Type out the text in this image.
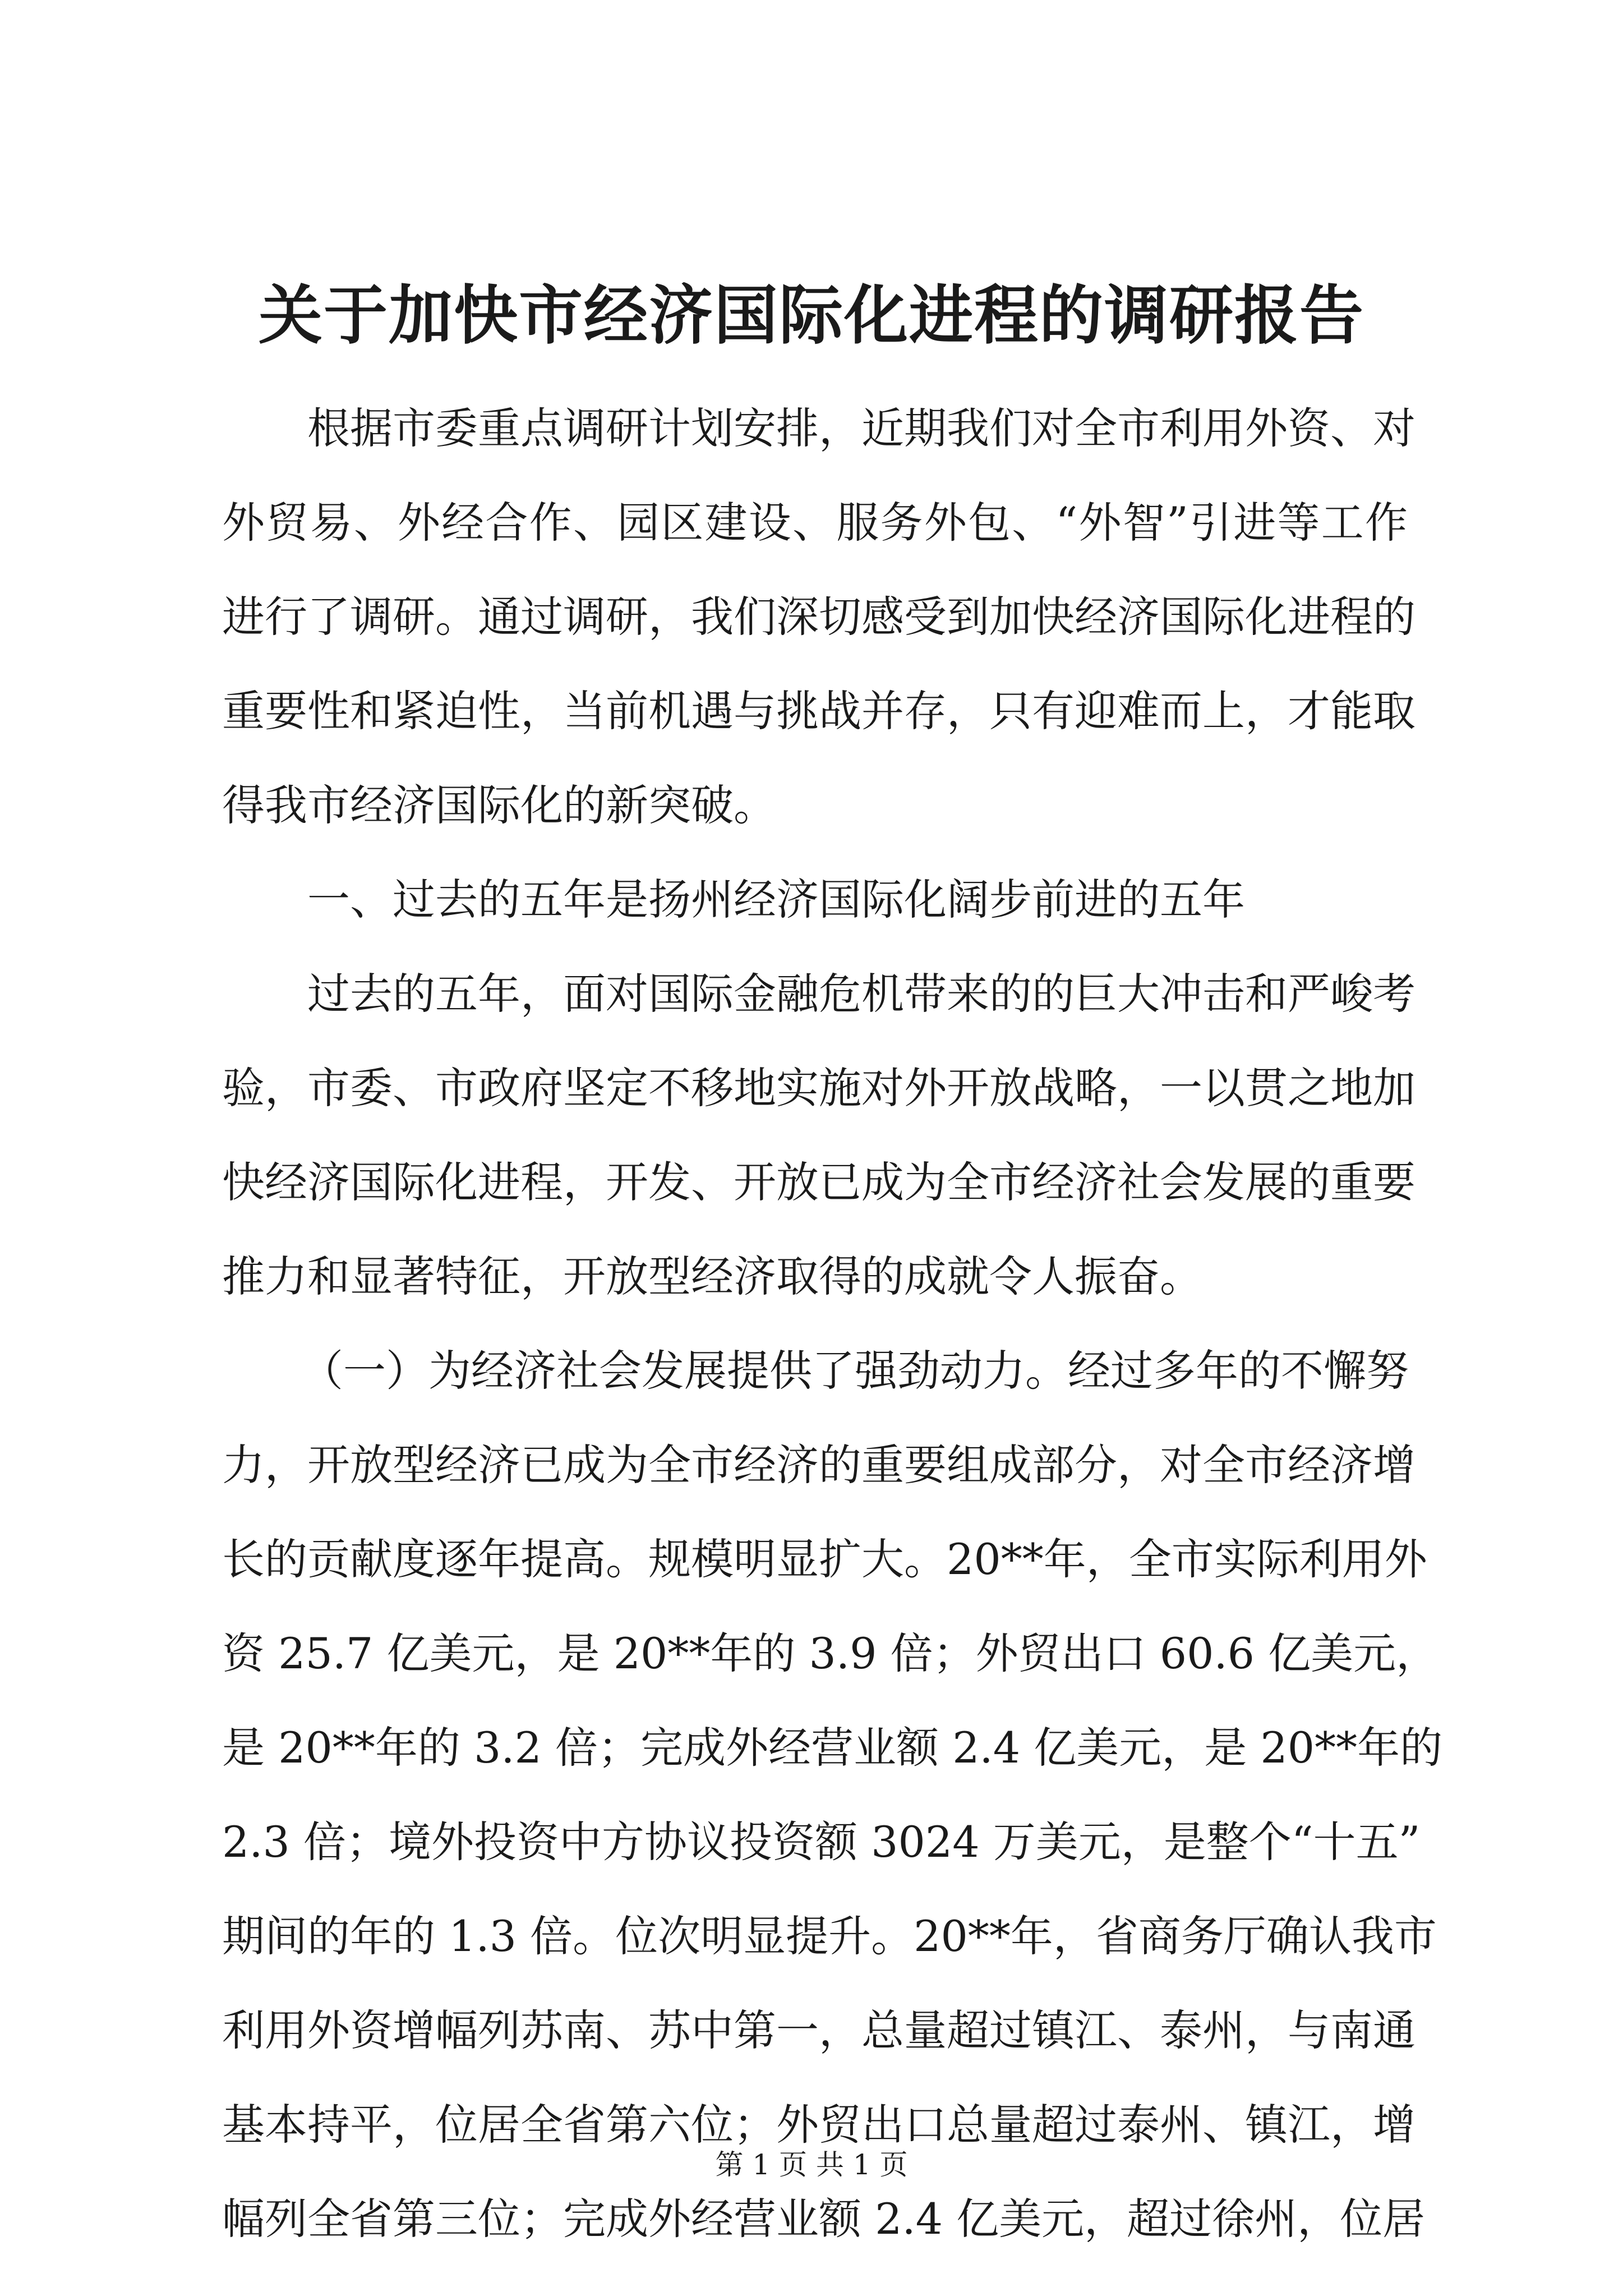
关于加快市经济国际化进程的调研报告
根据市委重点调研计划安排，近期我们对全市利用外资、对
外贸易、外经合作、园区建设、服务外包、“外智”引进等工作
进行了调研。通过调研，我们深切感受到加快经济国际化进程的
重要性和紧迫性，当前机遇与挑战并存，只有迎难而上，才能取
得我市经济国际化的新突破。
一、过去的五年是扬州经济国际化阔步前进的五年
过去的五年，面对国际金融危机带来的的巨大冲击和严峻考
验，市委、市政府坚定不移地实施对外开放战略，一以贯之地加
快经济国际化进程，开发、开放已成为全市经济社会发展的重要
推力和显著特征，开放型经济取得的成就令人振奋。
（一）为经济社会发展提供了强劲动力。经过多年的不懈努
力，开放型经济已成为全市经济的重要组成部分，对全市经济增
长的贡献度逐年提高。规模明显扩大。20**年，全市实际利用外
资 25.7 亿美元，是 20**年的 3.9 倍；外贸出口 60.6 亿美元，
是 20**年的 3.2 倍；完成外经营业额 2.4 亿美元，是 20**年的
2.3 倍；境外投资中方协议投资额 3024 万美元，是整个“十五”
期间的年的 1.3 倍。位次明显提升。20**年，省商务厅确认我市
利用外资增幅列苏南、苏中第一，总量超过镇江、泰州，与南通
基本持平，位居全省第六位；外贸出口总量超过泰州、镇江，增
幅列全省第三位；完成外经营业额 2.4 亿美元，超过徐州，位居
第 1 页 共 1 页
